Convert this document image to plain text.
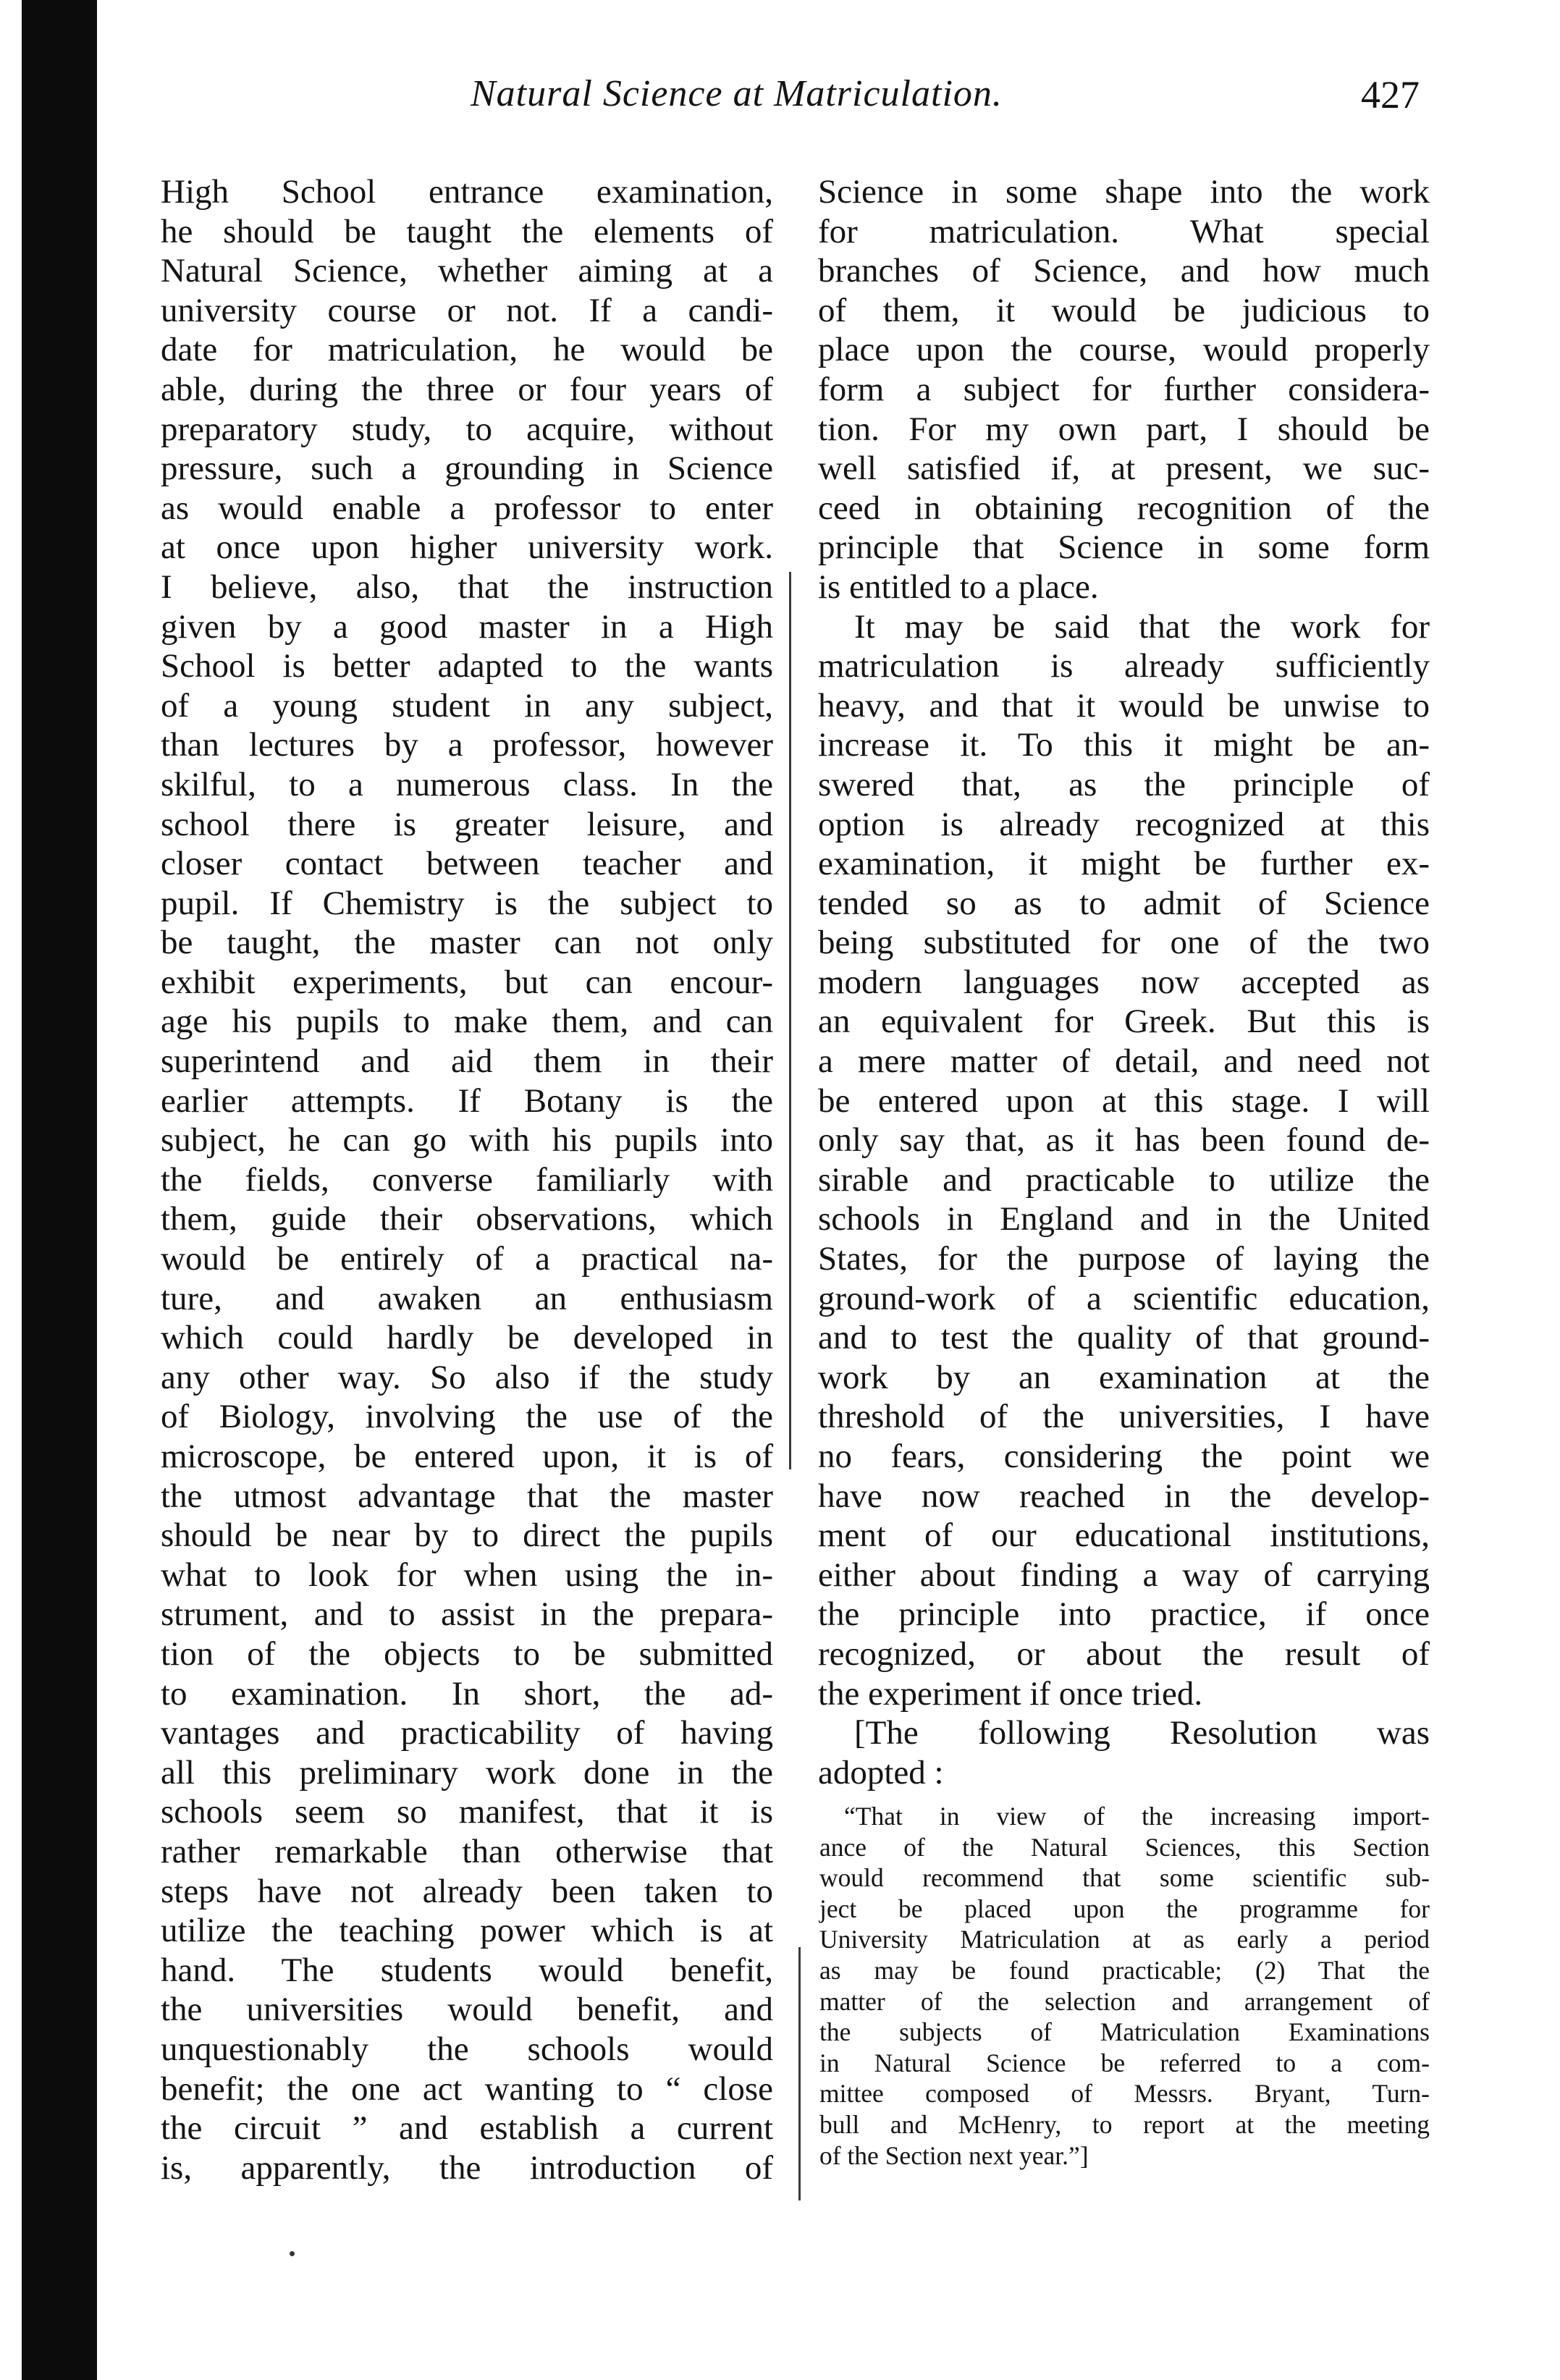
Natural Science at Matriculation.	427
High School entrance examination,
he should be taught the elements of
Natural Science, whether aiming at a
university course or not. If a candi-
date for matriculation, he would be
able, during the three or four years of
preparatory study, to acquire, without
pressure, such a grounding in Science
as would enable a professor to enter
at once upon higher university work.
I believe, also, that the instruction
given by a good master in a High
School is better adapted to the wants
of a young student in any subject,
than lectures by a professor, however
skilful, to a numerous class. In the
school there is greater leisure, and
closer contact between teacher and
pupil. If Chemistry is the subject to
be taught, the master can not only
exhibit experiments, but can encour-
age his pupils to make them, and can
superintend and aid them in their
earlier attempts. If Botany is the
subject, he can go with his pupils into
the fields, converse familiarly with
them, guide their observations, which
would be entirely of a practical na-
ture, and awaken an enthusiasm
which could hardly be developed in
any other way. So also if the study
of Biology, involving the use of the
microscope, be entered upon, it is of
the utmost advantage that the master
should be near by to direct the pupils
what to look for when using the in-
strument, and to assist in the prepara-
tion of the objects to be submitted
to examination. In short, the ad-
vantages and practicability of having
all this preliminary work done in the
schools seem so manifest, that it is
rather remarkable than otherwise that
steps have not already been taken to
utilize the teaching power which is at
hand. The students would benefit,
the universities would benefit, and
unquestionably the schools would
benefit; the one act wanting to “ close
the circuit ” and establish a current
is, apparently, the introduction of
Science in some shape into the work
for matriculation. What special
branches of Science, and how much
of them, it would be judicious to
place upon the course, would properly
form a subject for further considera-
tion. For my own part, I should be
well satisfied if, at present, we suc-
ceed in obtaining recognition of the
principle that Science in some form
is entitled to a place.
It may be said that the work for
matriculation is already sufficiently
heavy, and that it would be unwise to
increase it. To this it might be an-
swered that, as the principle of
option is already recognized at this
examination, it might be further ex-
tended so as to admit of Science
being substituted for one of the two
modern languages now accepted as
an equivalent for Greek. But this is
a mere matter of detail, and need not
be entered upon at this stage. I will
only say that, as it has been found de-
sirable and practicable to utilize the
schools in England and in the United
States, for the purpose of laying the
ground-work of a scientific education,
and to test the quality of that ground-
work by an examination at the
threshold of the universities, I have
no fears, considering the point we
have now reached in the develop-
ment of our educational institutions,
either about finding a way of carrying
the principle into practice, if once
recognized, or about the result of
the experiment if once tried.
[The following Resolution was
adopted :
“That in view of the increasing import-
ance of the Natural Sciences, this Section
would recommend that some scientific sub-
ject be placed upon the programme for
University Matriculation at as early a period
as may be found practicable; (2) That the
matter of the selection and arrangement of
the subjects of Matriculation Examinations
in Natural Science be referred to a com-
mittee composed of Messrs. Bryant, Turn-
bull and McHenry, to report at the meeting
of the Section next year.”]
